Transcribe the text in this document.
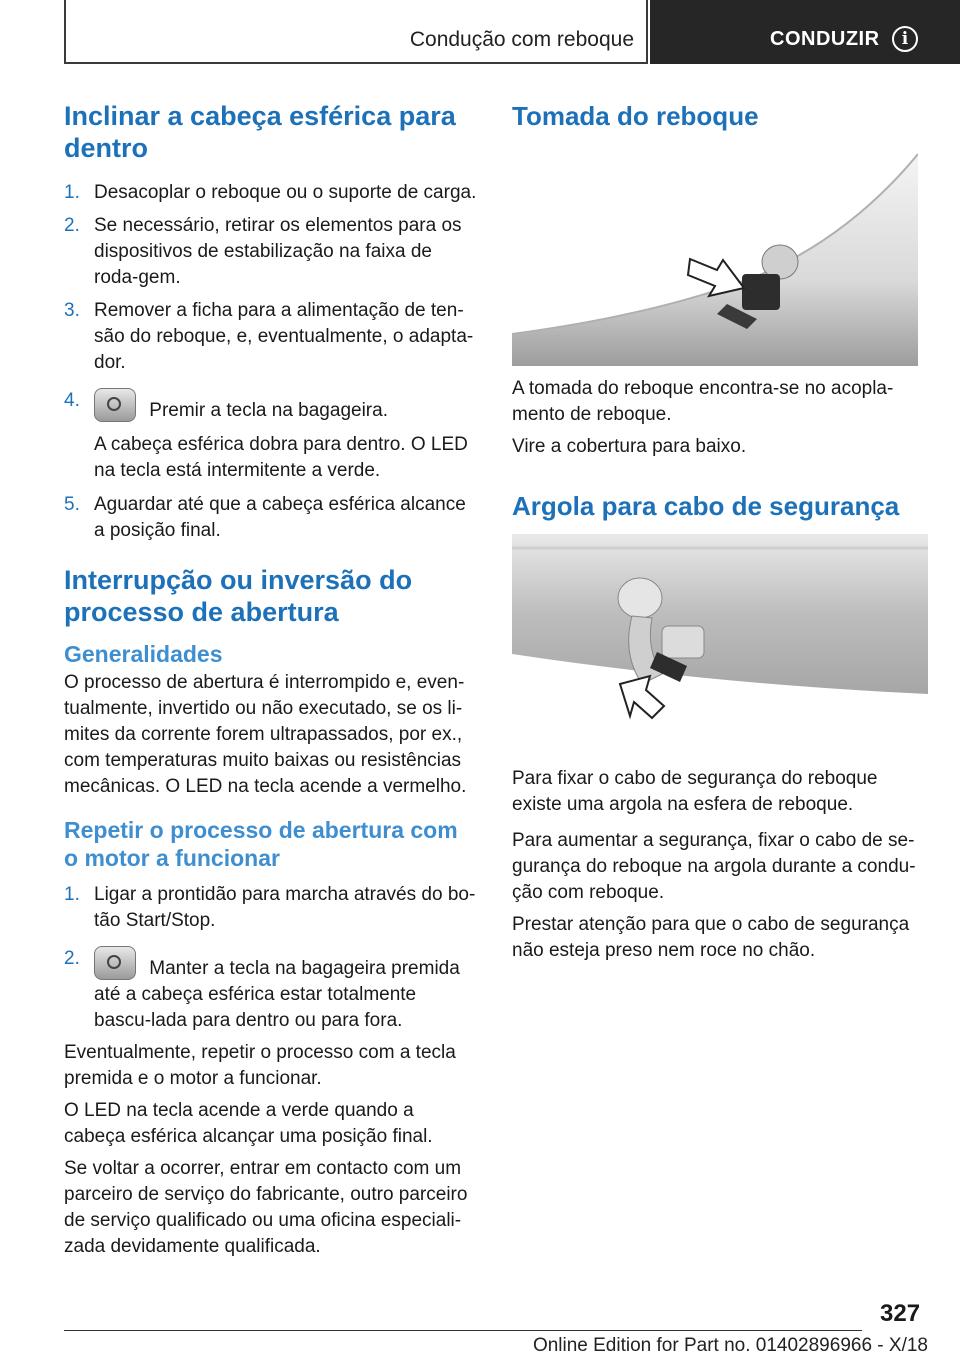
Condução com reboque	CONDUZIR	i
Inclinar a cabeça esférica para dentro
1. Desacoplar o reboque ou o suporte de carga.
2. Se necessário, retirar os elementos para os dispositivos de estabilização na faixa de roda-gem.
3. Remover a ficha para a alimentação de ten-são do reboque, e, eventualmente, o adapta-dor.
4.	Premir a tecla na bagageira.
A cabeça esférica dobra para dentro. O LED na tecla está intermitente a verde.
5. Aguardar até que a cabeça esférica alcance a posição final.
Interrupção ou inversão do processo de abertura
Generalidades

O processo de abertura é interrompido e, even-tualmente, invertido ou não executado, se os li-mites da corrente forem ultrapassados, por ex., com temperaturas muito baixas ou resistências mecânicas. O LED na tecla acende a vermelho.

Repetir o processo de abertura com o motor a funcionar
1. Ligar a prontidão para marcha através do bo-tão Start/Stop.
2.	Manter a tecla na bagageira premida até a cabeça esférica estar totalmente bascu-lada para dentro ou para fora.

Eventualmente, repetir o processo com a tecla premida e o motor a funcionar.

O LED na tecla acende a verde quando a cabeça esférica alcançar uma posição final.

Se voltar a ocorrer, entrar em contacto com um parceiro de serviço do fabricante, outro parceiro de serviço qualificado ou uma oficina especiali-zada devidamente qualificada.

Tomada do reboque

A tomada do reboque encontra-se no acopla-mento de reboque.

Vire a cobertura para baixo.

Argola para cabo de segurança

Para fixar o cabo de segurança do reboque existe uma argola na esfera de reboque.

Para aumentar a segurança, fixar o cabo de se-gurança do reboque na argola durante a condu-ção com reboque.

Prestar atenção para que o cabo de segurança não esteja preso nem roce no chão.

327
Online Edition for Part no. 01402896966 - X/18
